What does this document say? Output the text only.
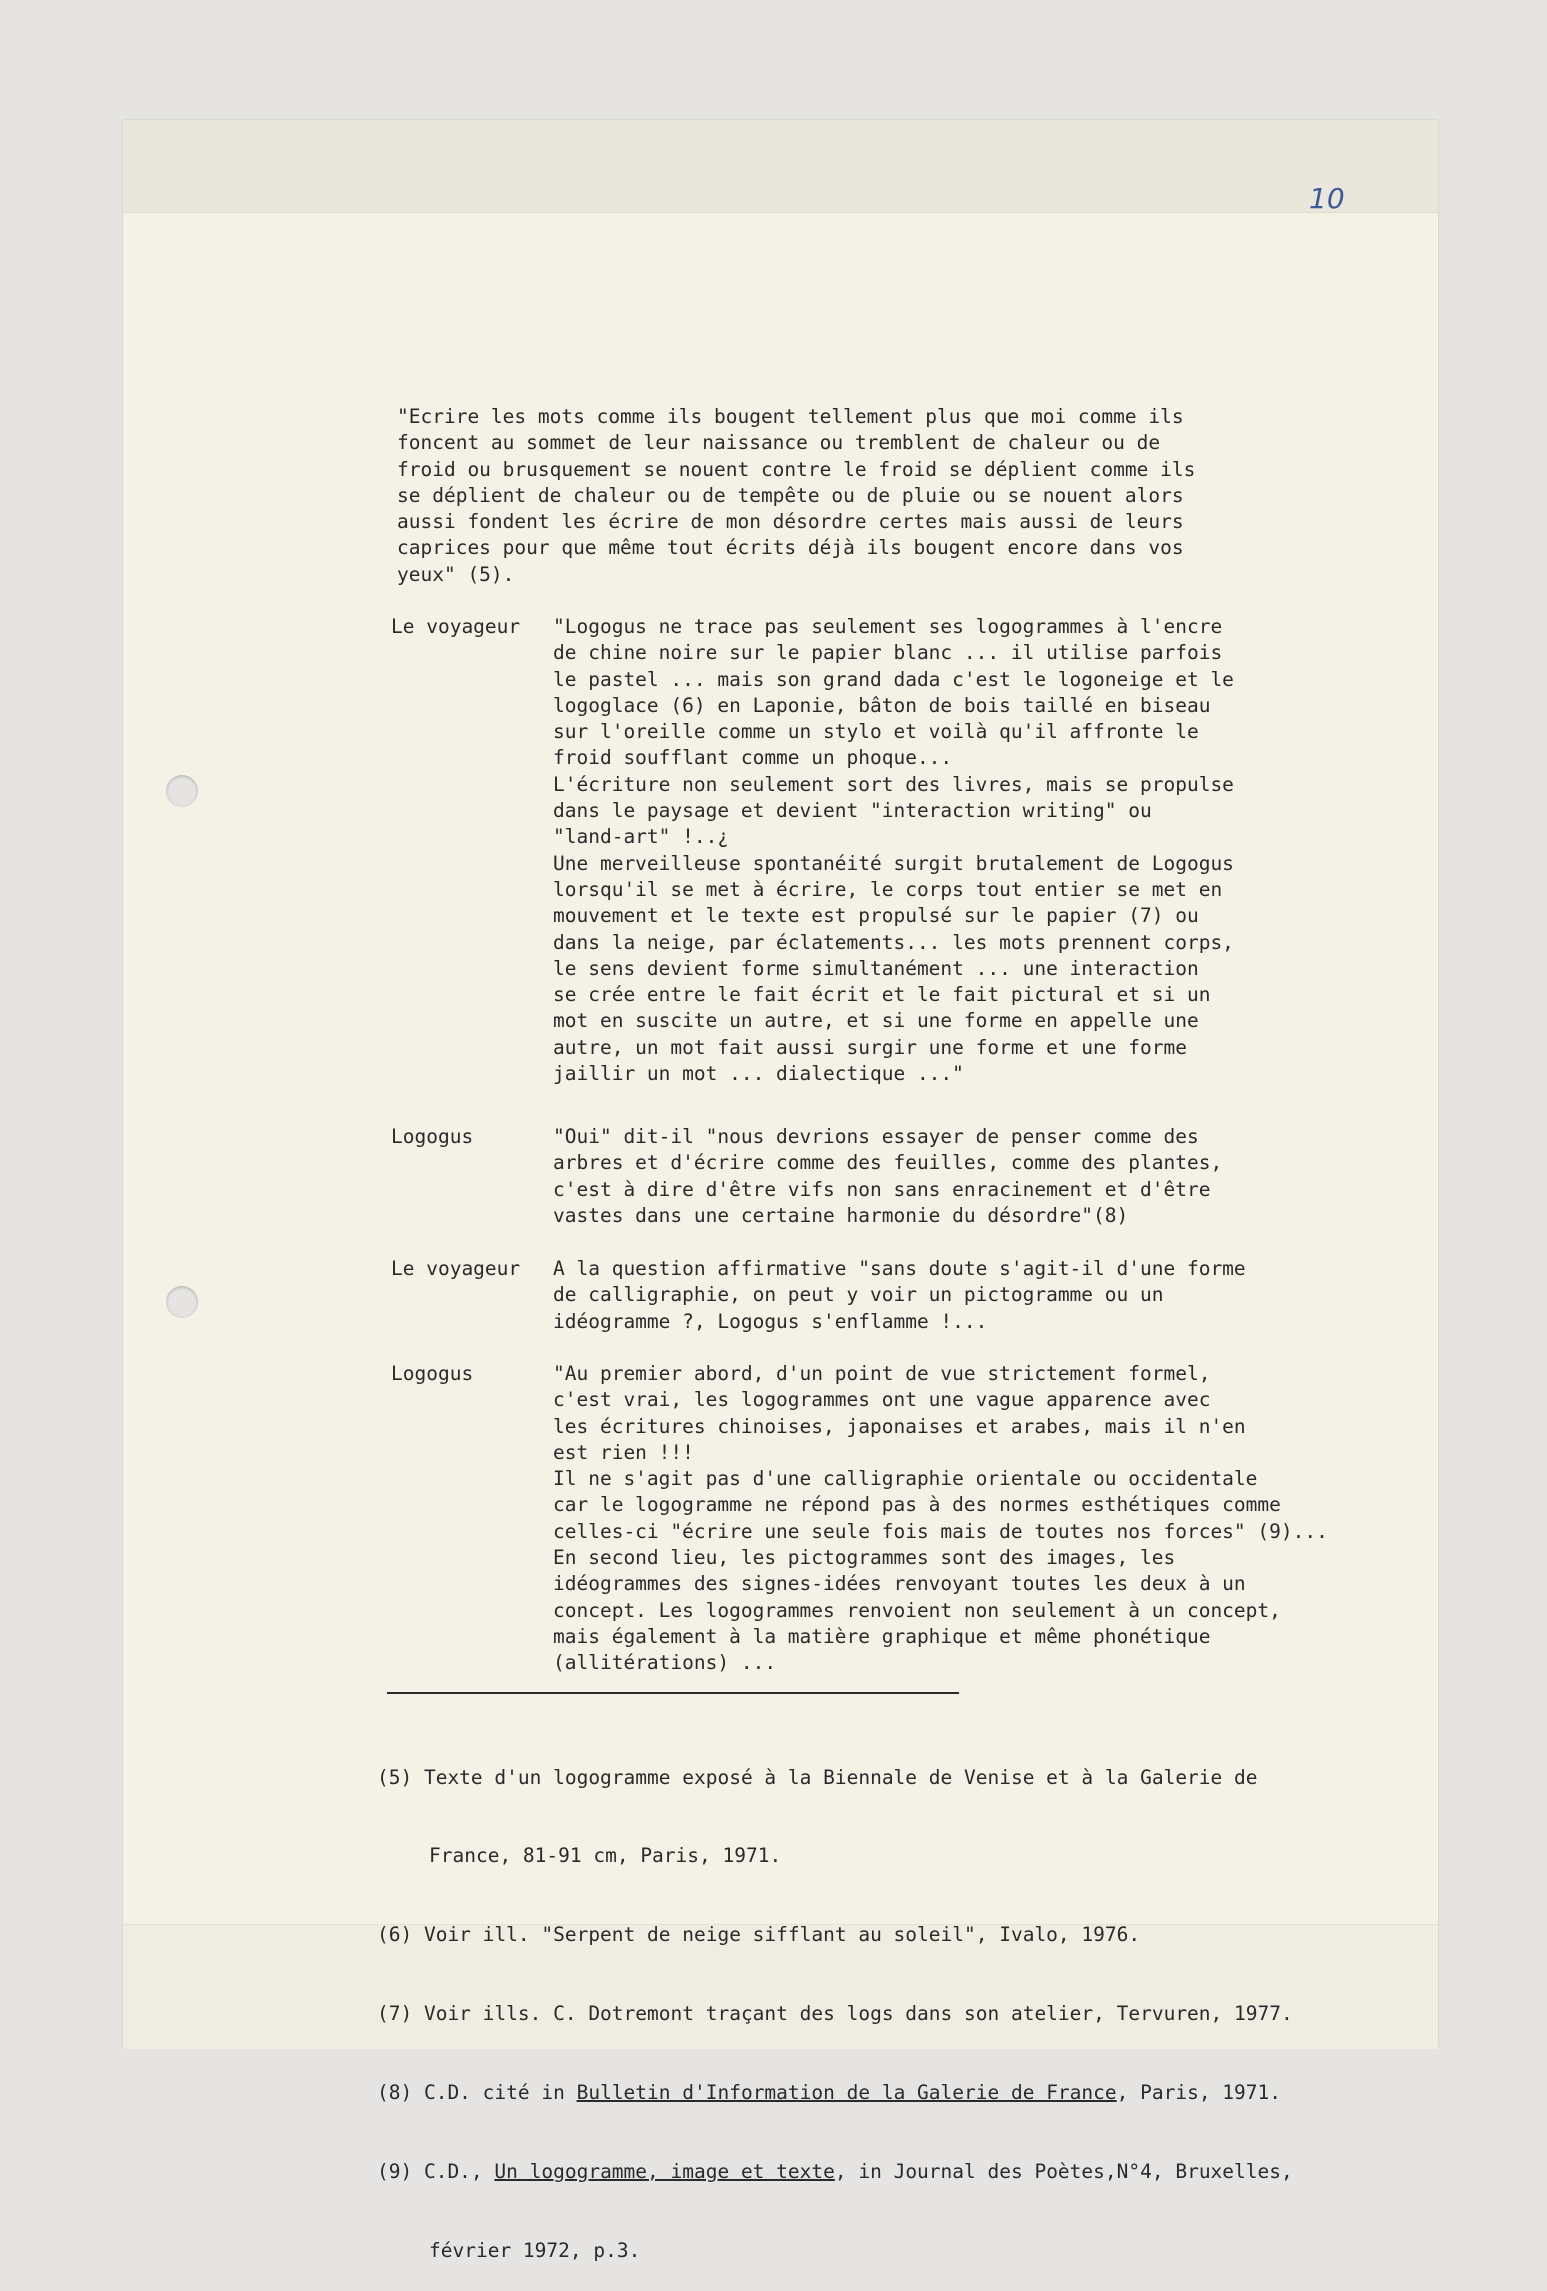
10
"Ecrire les mots comme ils bougent tellement plus que moi comme ils
foncent au sommet de leur naissance ou tremblent de chaleur ou de
froid ou brusquement se nouent contre le froid se déplient comme ils
se déplient de chaleur ou de tempête ou de pluie ou se nouent alors
aussi fondent les écrire de mon désordre certes mais aussi de leurs
caprices pour que même tout écrits déjà ils bougent encore dans vos
yeux" (5).
Le voyageur "Logogus ne trace pas seulement ses logogrammes à l'encre
de chine noire sur le papier blanc ... il utilise parfois
le pastel ... mais son grand dada c'est le logoneige et le
logoglace (6) en Laponie, bâton de bois taillé en biseau
sur l'oreille comme un stylo et voilà qu'il affronte le
froid soufflant comme un phoque...
L'écriture non seulement sort des livres, mais se propulse
dans le paysage et devient "interaction writing" ou
"land-art" !..¿
Une merveilleuse spontanéité surgit brutalement de Logogus
lorsqu'il se met à écrire, le corps tout entier se met en
mouvement et le texte est propulsé sur le papier (7) ou
dans la neige, par éclatements... les mots prennent corps,
le sens devient forme simultanément ... une interaction
se crée entre le fait écrit et le fait pictural et si un
mot en suscite un autre, et si une forme en appelle une
autre, un mot fait aussi surgir une forme et une forme
jaillir un mot ... dialectique ..."
Logogus	"Oui" dit-il "nous devrions essayer de penser comme des
arbres et d'écrire comme des feuilles, comme des plantes,
c'est à dire d'être vifs non sans enracinement et d'être
vastes dans une certaine harmonie du désordre"(8)
Le voyageur A la question affirmative "sans doute s'agit-il d'une forme
de calligraphie, on peut y voir un pictogramme ou un
idéogramme ?, Logogus s'enflamme !...
Logogus	"Au premier abord, d'un point de vue strictement formel,
c'est vrai, les logogrammes ont une vague apparence avec
les écritures chinoises, japonaises et arabes, mais il n'en
est rien !!!
Il ne s'agit pas d'une calligraphie orientale ou occidentale
car le logogramme ne répond pas à des normes esthétiques comme
celles-ci "écrire une seule fois mais de toutes nos forces" (9)...
En second lieu, les pictogrammes sont des images, les
idéogrammes des signes-idées renvoyant toutes les deux à un
concept. Les logogrammes renvoient non seulement à un concept,
mais également à la matière graphique et même phonétique
(allitérations) ...

(5) Texte d'un logogramme exposé à la Biennale de Venise et à la Galerie de

France, 81-91 cm, Paris, 1971.

(6) Voir ill. "Serpent de neige sifflant au soleil", Ivalo, 1976.

(7) Voir ills. C. Dotremont traçant des logs dans son atelier, Tervuren, 1977.

(8) C.D. cité in Bulletin d'Information de la Galerie de France, Paris, 1971.

(9) C.D., Un logogramme, image et texte, in Journal des Poètes,N°4, Bruxelles,

février 1972, p.3.
